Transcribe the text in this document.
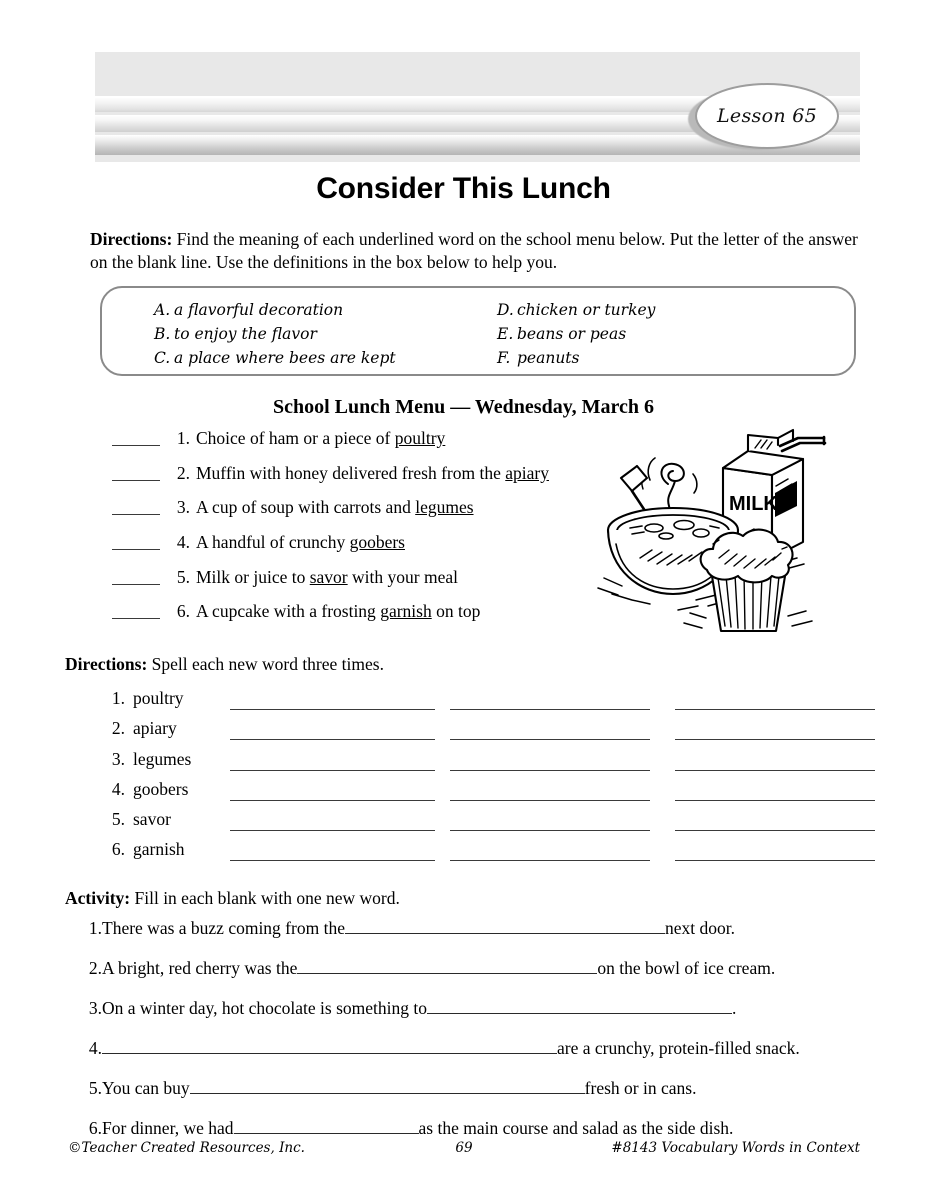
Lesson 65
Consider This Lunch
Directions: Find the meaning of each underlined word on the school menu below. Put the letter of the answer on the blank line. Use the definitions in the box below to help you.
A. a flavorful decoration
B. to enjoy the flavor
C. a place where bees are kept
D. chicken or turkey
E. beans or peas
F. peanuts
School Lunch Menu — Wednesday, March 6
1. Choice of ham or a piece of poultry
2. Muffin with honey delivered fresh from the apiary
3. A cup of soup with carrots and legumes
4. A handful of crunchy goobers
5. Milk or juice to savor with your meal
6. A cupcake with a frosting garnish on top
MILK
Directions: Spell each new word three times.
1. poultry
2. apiary
3. legumes
4. goobers
5. savor
6. garnish
Activity: Fill in each blank with one new word.
1.There was a buzz coming from the	next door.
2.A bright, red cherry was the	on the bowl of ice cream.
3.On a winter day, hot chocolate is something to	.
4.	are a crunchy, protein-filled snack.
5.You can buy	fresh or in cans.
6.For dinner, we had	as the main course and salad as the side dish.
©Teacher Created Resources, Inc.	69	#8143 Vocabulary Words in Context
